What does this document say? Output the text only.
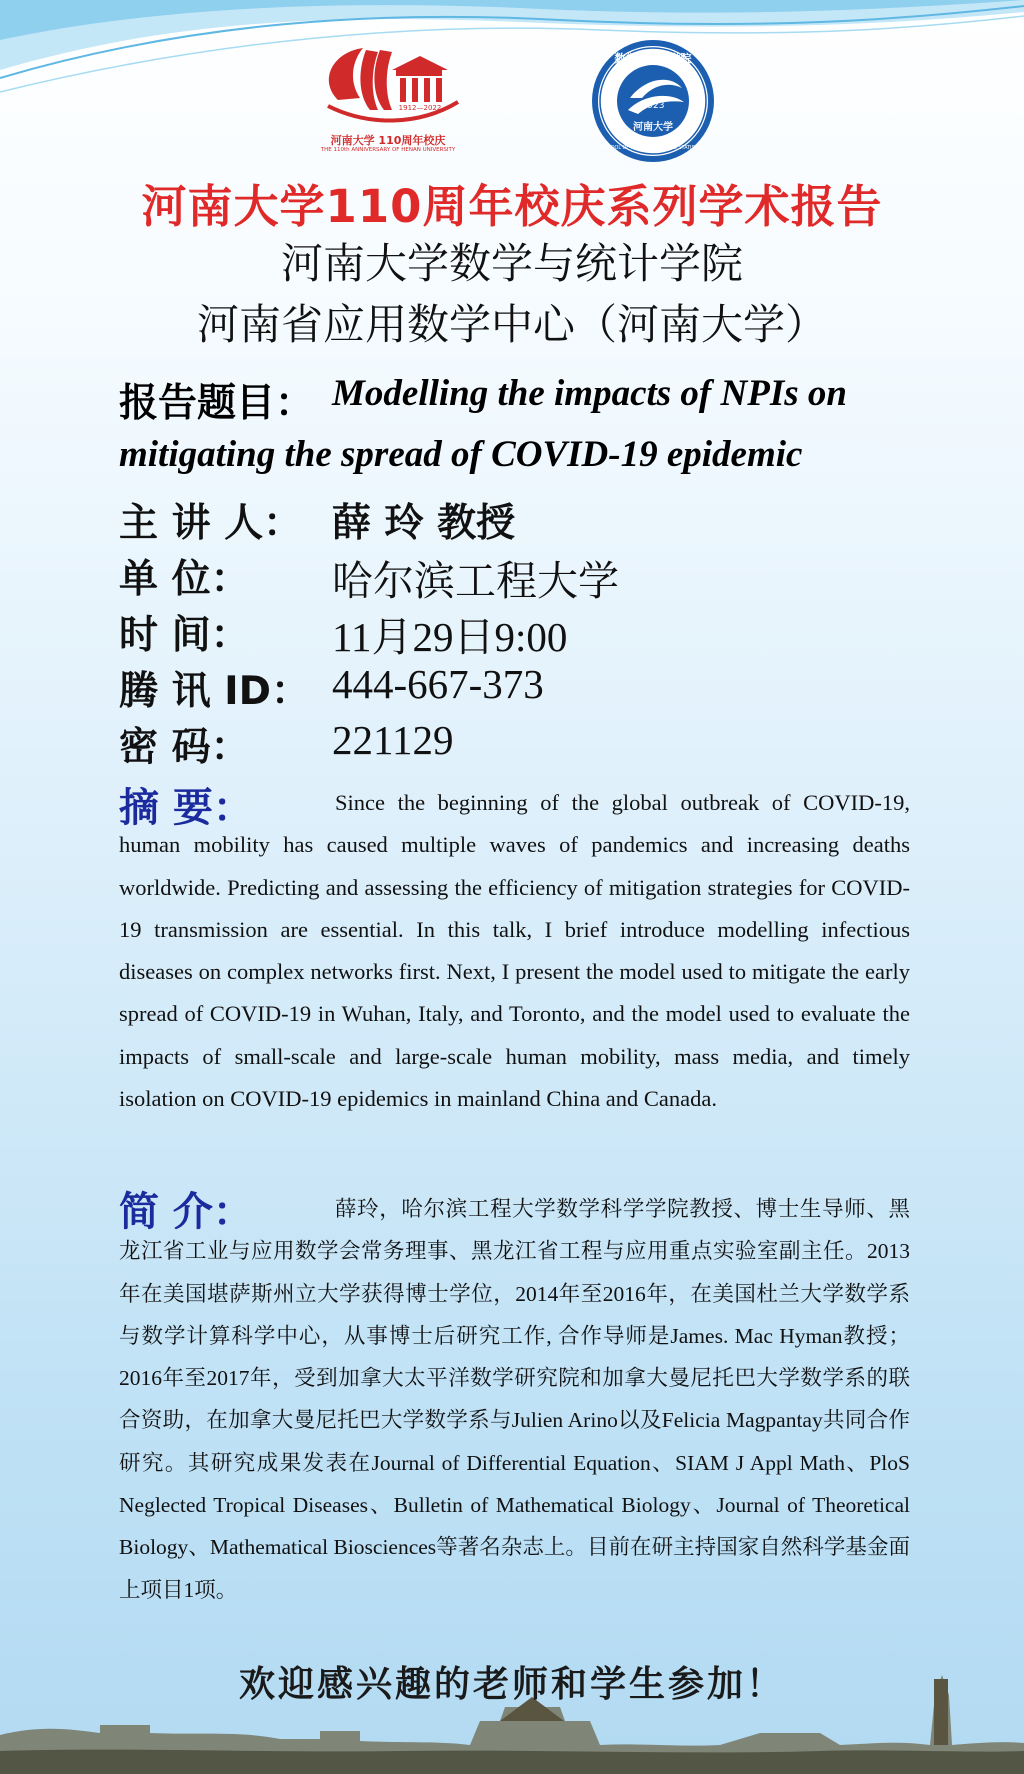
1912—2022
河南大学 110周年校庆
THE 110th ANNIVERSARY OF HENAN UNIVERSITY
数学与统计学院
1923
河南大学
SCHOOL OF MATHEMATICS AND STATISTICS
河南大学110周年校庆系列学术报告
河南大学数学与统计学院
河南省应用数学中心（河南大学）
报告题目： Modelling the impacts of NPIs on
mitigating the spread of COVID-19 epidemic
主 讲 人： 薛 玲 教授
单 位： 哈尔滨工程大学
时 间： 11月29日9:00
腾 讯 ID： 444-667-373
密 码： 221129
摘 要：	Since the beginning of the global outbreak of COVID-19, human mobility has caused multiple waves of pandemics and increasing deaths worldwide. Predicting and assessing the efficiency of mitigation strategies for COVID-19 transmission are essential. In this talk, I brief introduce modelling infectious diseases on complex networks first. Next, I present the model used to mitigate the early spread of COVID-19 in Wuhan, Italy, and Toronto, and the model used to evaluate the impacts of small-scale and large-scale human mobility, mass media, and timely isolation on COVID-19 epidemics in mainland China and Canada.
简 介：	薛玲，哈尔滨工程大学数学科学学院教授、博士生导师、黑龙江省工业与应用数学会常务理事、黑龙江省工程与应用重点实验室副主任。2013年在美国堪萨斯州立大学获得博士学位，2014年至2016年，在美国杜兰大学数学系与数学计算科学中心，从事博士后研究工作, 合作导师是James. Mac Hyman教授；2016年至2017年，受到加拿大太平洋数学研究院和加拿大曼尼托巴大学数学系的联合资助，在加拿大曼尼托巴大学数学系与Julien Arino以及Felicia Magpantay共同合作研究。其研究成果发表在Journal of Differential Equation、SIAM J Appl Math、PloS Neglected Tropical Diseases、Bulletin of Mathematical Biology、Journal of Theoretical Biology、Mathematical Biosciences等著名杂志上。目前在研主持国家自然科学基金面上项目1项。
欢迎感兴趣的老师和学生参加！
